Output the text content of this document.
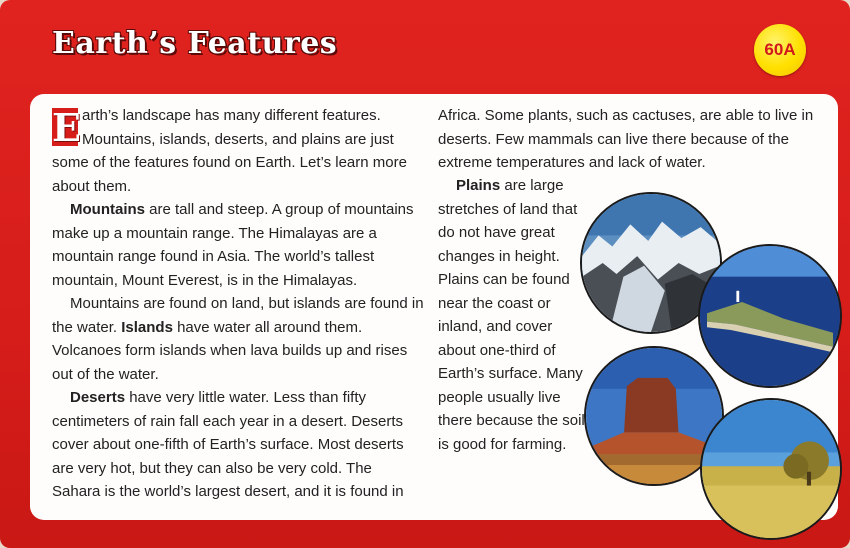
Earth’s Features	60A

E arth’s landscape has many different features. Mountains, islands, deserts, and plains are just some of the features found on Earth. Let’s learn more about them.

Mountains are tall and steep. A group of mountains make up a mountain range. The Himalayas are a mountain range found in Asia. The world’s tallest mountain, Mount Everest, is in the Himalayas.

Mountains are found on land, but islands are found in the water. Islands have water all around them. Volcanoes form islands when lava builds up and rises out of the water.

Deserts have very little water. Less than fifty centimeters of rain fall each year in a desert. Deserts cover about one-fifth of Earth’s surface. Most deserts are very hot, but they can also be very cold. The Sahara is the world’s largest desert, and it is found in

Africa. Some plants, such as cactuses, are able to live in deserts. Few mammals can live there because of the extreme temperatures and lack of water.

Plains are large stretches of land that do not have great changes in height. Plains can be found near the coast or inland, and cover about one-third of Earth’s surface. Many people usually live there because the soil is good for farming.
